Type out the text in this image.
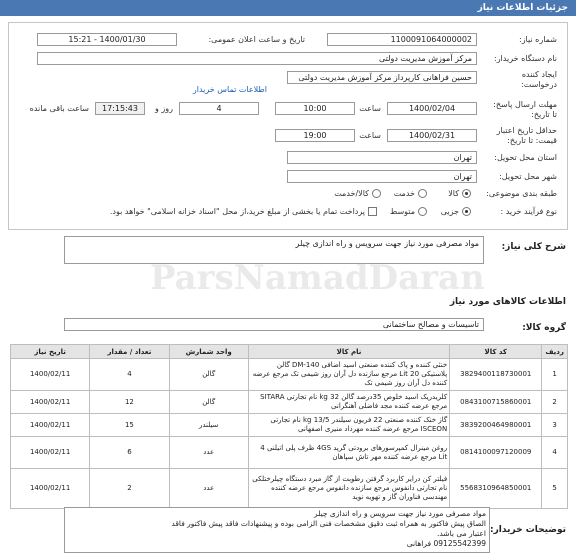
جزئیات اطلاعات نیاز
شماره نیاز:
1100091064000002
تاریخ و ساعت اعلان عمومی:
1400/01/30 - 15:21
نام دستگاه خریدار:
مرکز آموزش مدیریت دولتی
ایجاد کننده
درخواست:
حسین فراهانی کارپرداز مرکز آموزش مدیریت دولتی
اطلاعات تماس خریدار
مهلت ارسال پاسخ:
تا تاریخ:
1400/02/04
ساعت
10:00
4
روز و
17:15:43
ساعت باقی مانده
حداقل تاریخ اعتبار
قیمت: تا تاریخ:
1400/02/31
ساعت
19:00
استان محل تحویل:
تهران
شهر محل تحویل:
تهران
طبقه بندی موضوعی:
کالا
خدمت
کالا/خدمت
نوع فرآیند خرید :
جزیی
متوسط
پرداخت تمام یا بخشی از مبلغ خرید،از محل "اسناد خزانه اسلامی" خواهد بود.
شرح کلی نیاز:
مواد مصرفی مورد نیاز جهت سرویس و راه اندازی چیلر
اطلاعات کالاهای مورد نیاز
گروه کالا:
تاسیسات و مصالح ساختمانی
ParsNamadDaran
ردیف	کد کالا	نام کالا	واحد شمارش	تعداد / مقدار	تاریخ نیاز
1	3829400118730001	خنثی کننده و پاک کننده صنعتی اسید اضافی DM-140 گالن پلاستیکی 20 Lit مرجع سازنده دل آران روز شیمی تک مرجع عرضه کننده دل آران روز شیمی تک	گالن	4	1400/02/11
2	0843100715860001	کلریدریک اسید خلوص 35درصد گالن 32 kg نام تجارتی SITARA مرجع عرضه کننده مجد فاضلی آهنگرانی	گالن	12	1400/02/11
3	3839200464980001	گاز خنک کننده صنعتی 22 فریون سیلندر 13/5 kg نام تجارتی ISCEON مرجع عرضه کننده مهرداد منیری اصفهانی	سیلندر	15	1400/02/11
4	0814100097120009	روغن مینرال کمپرسورهای برودتی گرید 4GS ظرف پلی اتیلنی 4 Lit مرجع عرضه کننده مهر تاش سپاهان	عدد	6	1400/02/11
5	5568310964850001	فیلتر کن درایر کاربرد گرفتن رطوبت از گاز مبرد دستگاه چیلرختلکی نام تجارتی دانفوس مرجع سازنده دانفوس مرجع عرضه کننده مهندسی فناوران گاز و تهویه نوید	عدد	2	1400/02/11
توضیحات خریدار:
مواد مصرفی مورد نیاز جهت سرویس و راه اندازی چیلر
الصاق پیش فاکتور به همراه ثبت دقیق مشخصات فنی الزامی بوده و پیشنهادات فاقد پیش فاکتور فاقد
اعتبار می باشد.
09125542399 فراهانی
